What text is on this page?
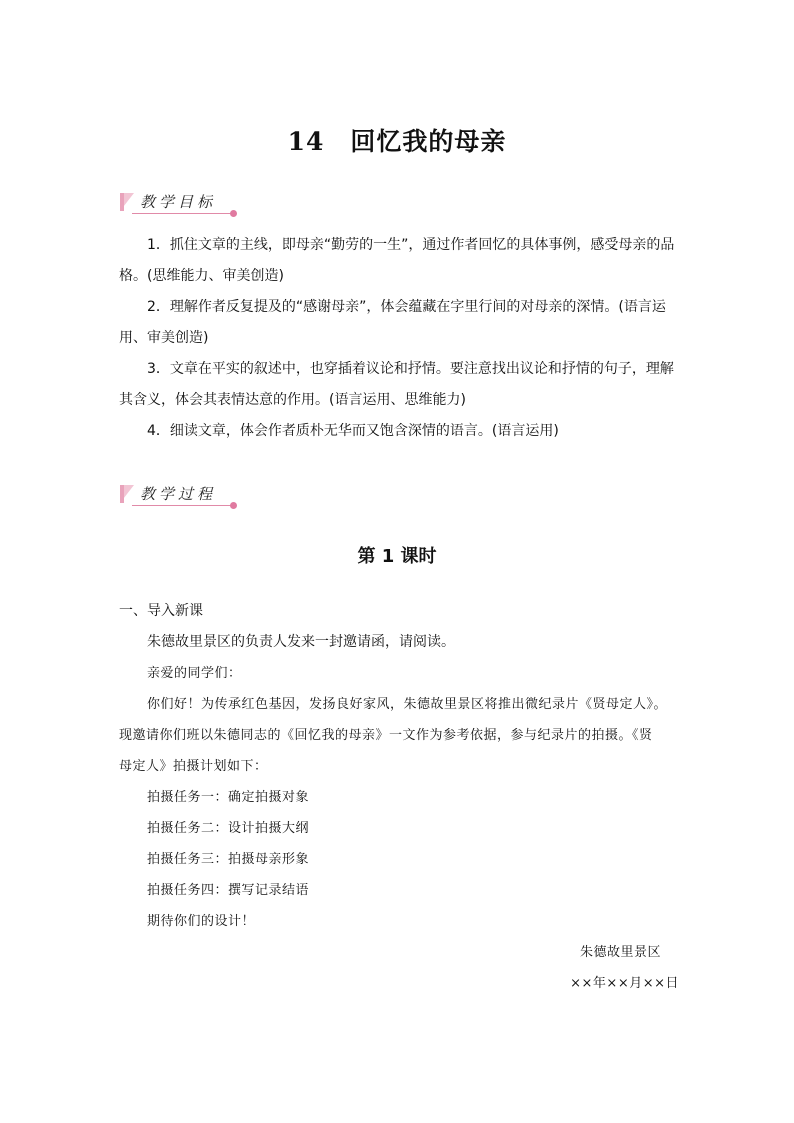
14 回忆我的母亲
教学目标

1．抓住文章的主线，即母亲“勤劳的一生”，通过作者回忆的具体事例，感受母亲的品

格。(思维能力、审美创造)

2．理解作者反复提及的“感谢母亲”，体会蕴藏在字里行间的对母亲的深情。(语言运

用、审美创造)

3．文章在平实的叙述中，也穿插着议论和抒情。要注意找出议论和抒情的句子，理解

其含义，体会其表情达意的作用。(语言运用、思维能力)

4．细读文章，体会作者质朴无华而又饱含深情的语言。(语言运用)

教学过程
第 1 课时

一、导入新课

朱德故里景区的负责人发来一封邀请函，请阅读。

亲爱的同学们：

你们好！为传承红色基因，发扬良好家风，朱德故里景区将推出微纪录片《贤母定人》。

现邀请你们班以朱德同志的《回忆我的母亲》一文作为参考依据，参与纪录片的拍摄。《贤

母定人》拍摄计划如下：

拍摄任务一：确定拍摄对象

拍摄任务二：设计拍摄大纲

拍摄任务三：拍摄母亲形象

拍摄任务四：撰写记录结语

期待你们的设计！

朱德故里景区

××年××月××日
